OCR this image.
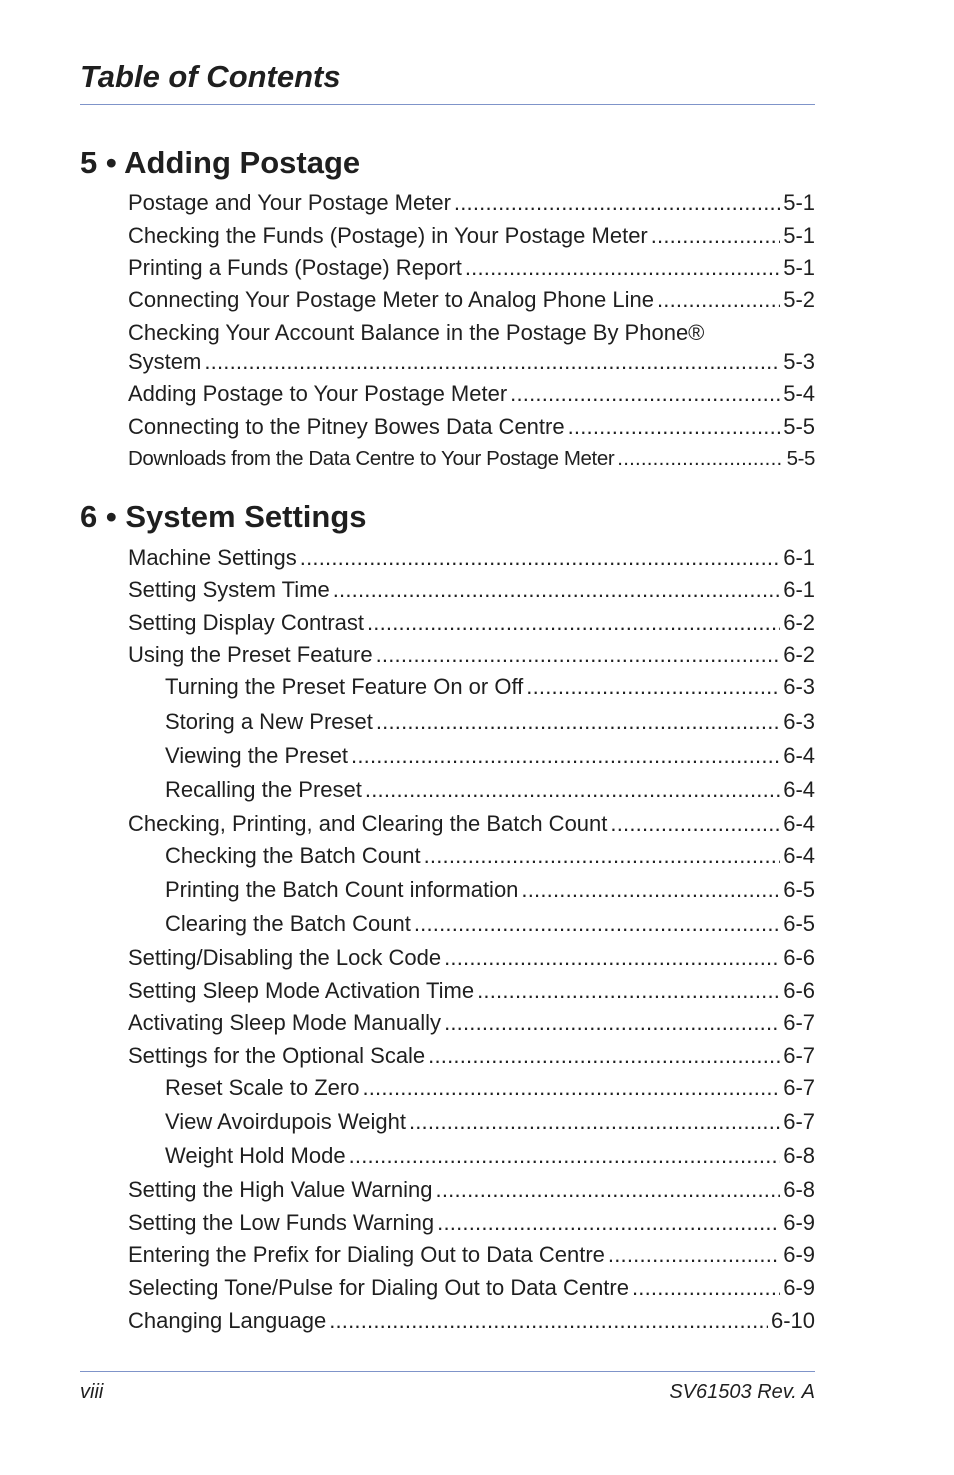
Table of Contents
5 • Adding Postage
Postage and Your Postage Meter .....	5-1
Checking the Funds (Postage) in Your Postage Meter .....	5-1
Printing a Funds (Postage) Report .....	5-1
Connecting Your Postage Meter to Analog Phone Line .....	5-2
Checking Your Account Balance in the Postage By Phone®
System .....	5-3
Adding Postage to Your Postage Meter .....	5-4
Connecting to the Pitney Bowes Data Centre .....	5-5
Downloads from the Data Centre to Your Postage Meter .....	5-5
6 • System Settings
Machine Settings .....	6-1
Setting System Time .....	6-1
Setting Display Contrast .....	6-2
Using the Preset Feature .....	6-2
Turning the Preset Feature On or Off .....	6-3
Storing a New Preset .....	6-3
Viewing the Preset .....	6-4
Recalling the Preset .....	6-4
Checking, Printing, and Clearing the Batch Count .....	6-4
Checking the Batch Count .....	6-4
Printing the Batch Count information .....	6-5
Clearing the Batch Count .....	6-5
Setting/Disabling the Lock Code .....	6-6
Setting Sleep Mode Activation Time .....	6-6
Activating Sleep Mode Manually .....	6-7
Settings for the Optional Scale .....	6-7
Reset Scale to Zero .....	6-7
View Avoirdupois Weight .....	6-7
Weight Hold Mode .....	6-8
Setting the High Value Warning .....	6-8
Setting the Low Funds Warning .....	6-9
Entering the Prefix for Dialing Out to Data Centre .....	6-9
Selecting Tone/Pulse for Dialing Out to Data Centre .....	6-9
Changing Language .....	6-10
viii	SV61503 Rev. A
